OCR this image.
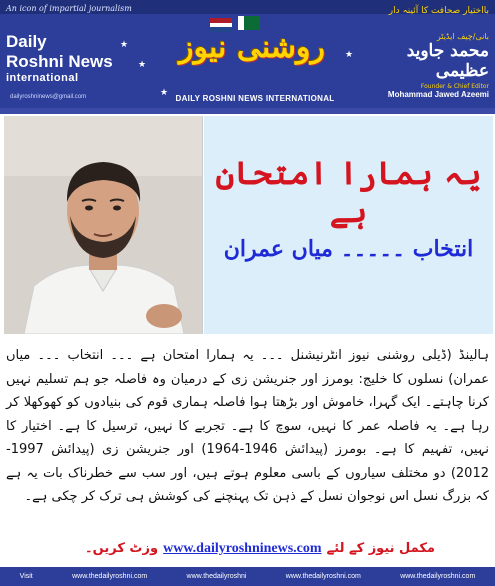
★
★
★
★
An icon of impartial journalism
Daily
Roshni News
international
dailyroshninews@gmail.com
روشنی نیوز
DAILY ROSHNI NEWS INTERNATIONAL
بااختیار صحافت کا آئینہ دار
بانی/چیف ایڈیٹر
محمد جاوید عظیمی
Founder & Chief Editor
Mohammad Jawed Azeemi
یہ ہمارا امتحان ہے
انتخاب ۔۔۔۔۔ میاں عمران
ہالینڈ (ڈیلی روشنی نیوز انٹرنیشنل ۔۔۔ یہ ہمارا امتحان ہے ۔۔۔ انتخاب ۔۔۔ میاں عمران) نسلوں کا خلیج: بومرز اور جنریشن زی کے درمیان وہ فاصلہ جو ہم تسلیم نہیں کرنا چاہتے۔ ایک گہرا، خاموش اور بڑھتا ہوا فاصلہ ہماری قوم کی بنیادوں کو کھوکھلا کر رہا ہے۔ یہ فاصلہ عمر کا نہیں، سوچ کا ہے۔ تجربے کا نہیں، ترسیل کا ہے۔ اختیار کا نہیں، تفہیم کا ہے۔ بومرز (پیدائش 1946-1964) اور جنریشن زی (پیدائش 1997-2012) دو مختلف سیاروں کے باسی معلوم ہوتے ہیں، اور سب سے خطرناک بات یہ ہے کہ بزرگ نسل اس نوجوان نسل کے ذہن تک پہنچنے کی کوشش ہی ترک کر چکی ہے۔
مکمل نیوز کے لئے www.dailyroshninews.com وزٹ کریں۔
Visit	www.thedailyroshni.com	www.thedailyroshni	www.thedailyroshni.com	www.thedailyroshni.com
